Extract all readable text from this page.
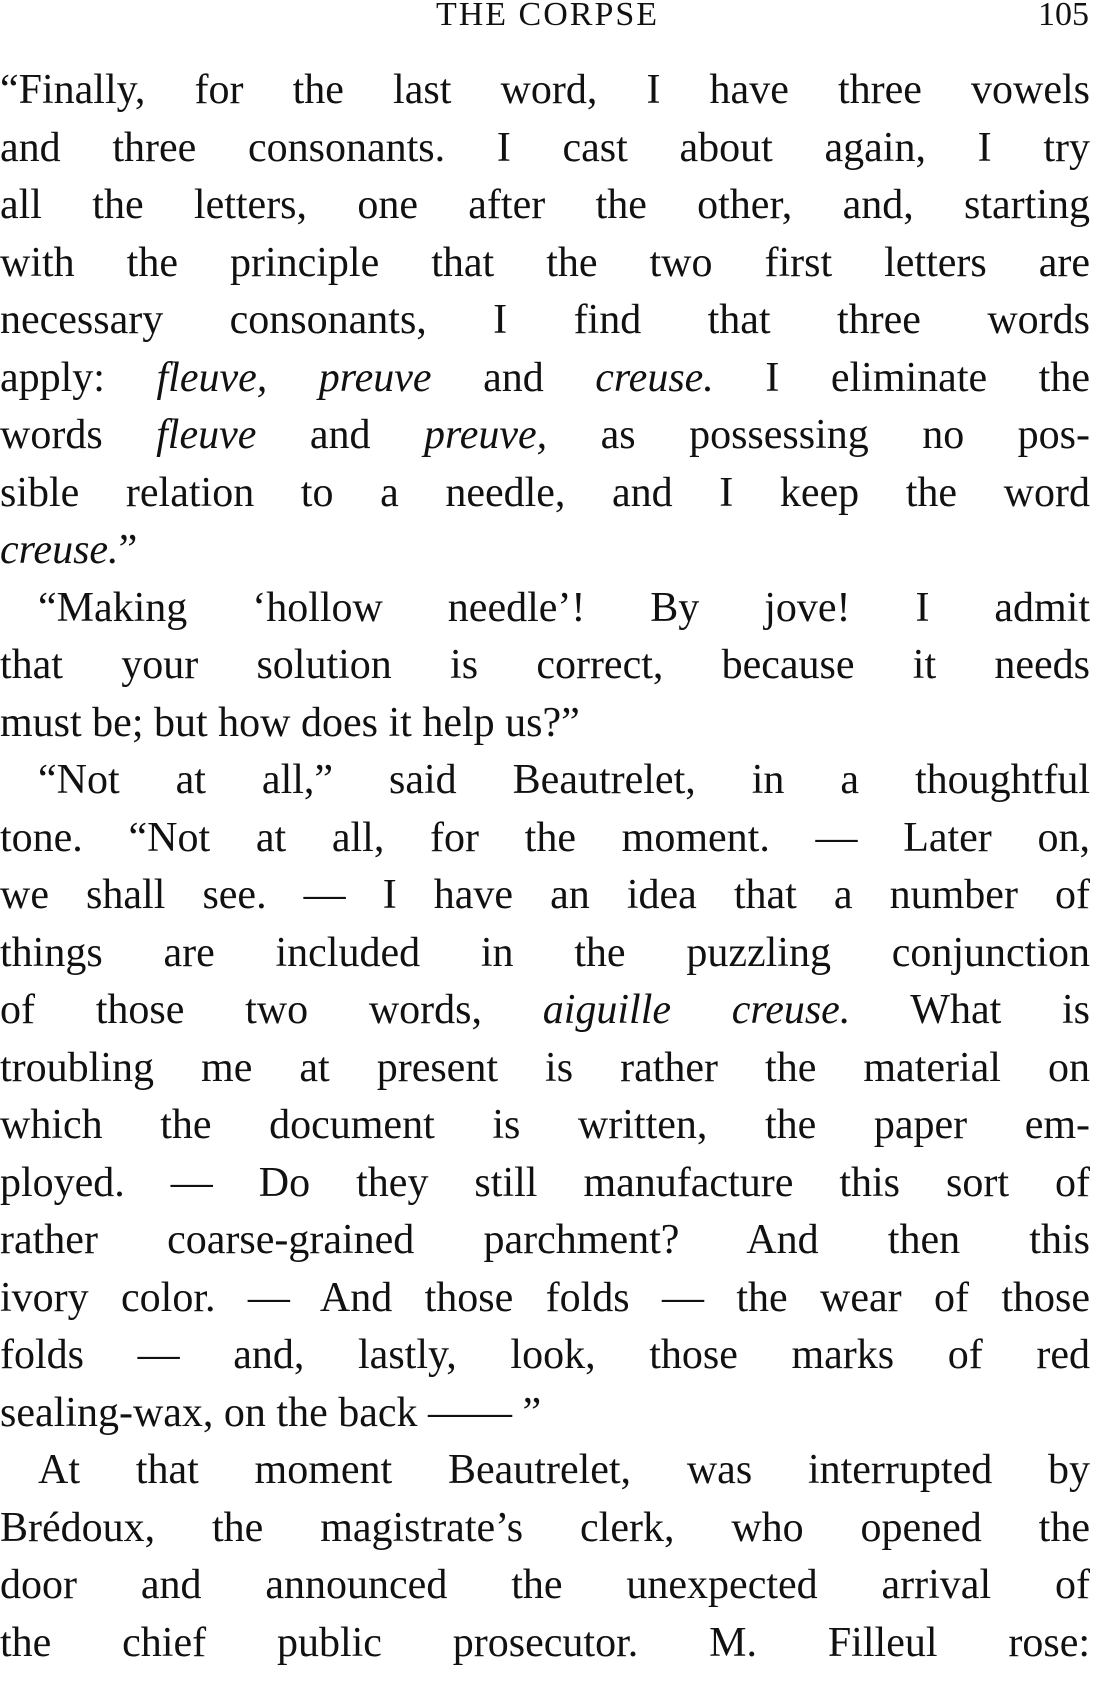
THE CORPSE	105
“Finally, for the last word, I have three vowels
and three consonants. I cast about again, I try
all the letters, one after the other, and, starting
with the principle that the two first letters are
necessary consonants, I find that three words
apply: fleuve, preuve and creuse. I eliminate the
words fleuve and preuve, as possessing no pos-
sible relation to a needle, and I keep the word
creuse.”
“Making ‘hollow needle’! By jove! I admit
that your solution is correct, because it needs
must be; but how does it help us?”
“Not at all,” said Beautrelet, in a thoughtful
tone. “Not at all, for the moment. — Later on,
we shall see. — I have an idea that a number of
things are included in the puzzling conjunction
of those two words, aiguille creuse. What is
troubling me at present is rather the material on
which the document is written, the paper em-
ployed. — Do they still manufacture this sort of
rather coarse-grained parchment? And then this
ivory color. — And those folds — the wear of those
folds — and, lastly, look, those marks of red
sealing-wax, on the back —— ”
At that moment Beautrelet, was interrupted by
Brédoux, the magistrate’s clerk, who opened the
door and announced the unexpected arrival of
the chief public prosecutor. M. Filleul rose:
